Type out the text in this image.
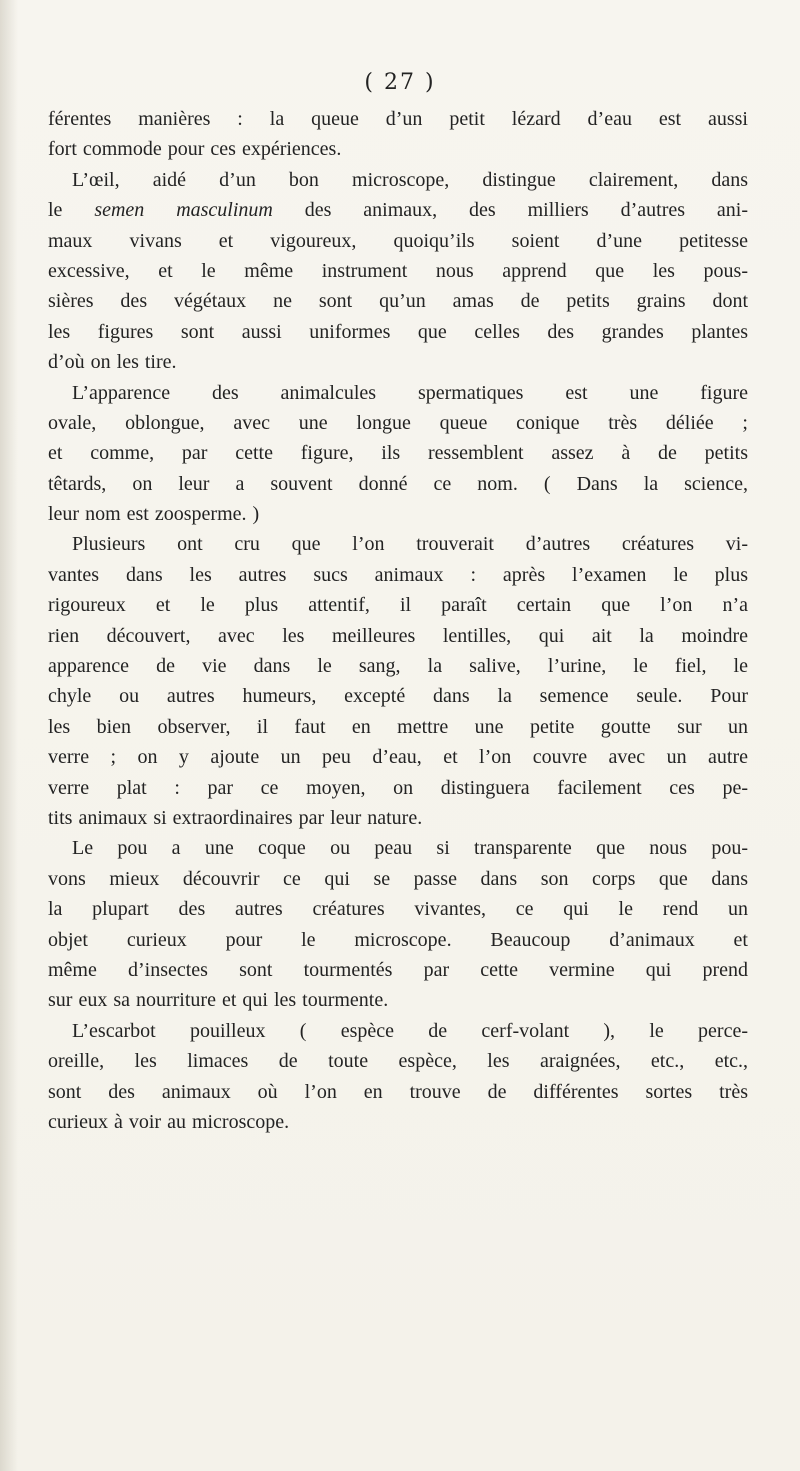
( 27 )
férentes manières : la queue d’un petit lézard d’eau est aussi
fort commode pour ces expériences.
L’œil, aidé d’un bon microscope, distingue clairement, dans
le semen masculinum des animaux, des milliers d’autres ani-
maux vivans et vigoureux, quoiqu’ils soient d’une petitesse
excessive, et le même instrument nous apprend que les pous-
sières des végétaux ne sont qu’un amas de petits grains dont
les figures sont aussi uniformes que celles des grandes plantes
d’où on les tire.
L’apparence des animalcules spermatiques est une figure
ovale, oblongue, avec une longue queue conique très déliée ;
et comme, par cette figure, ils ressemblent assez à de petits
têtards, on leur a souvent donné ce nom. ( Dans la science,
leur nom est zoosperme. )
Plusieurs ont cru que l’on trouverait d’autres créatures vi-
vantes dans les autres sucs animaux : après l’examen le plus
rigoureux et le plus attentif, il paraît certain que l’on n’a
rien découvert, avec les meilleures lentilles, qui ait la moindre
apparence de vie dans le sang, la salive, l’urine, le fiel, le
chyle ou autres humeurs, excepté dans la semence seule. Pour
les bien observer, il faut en mettre une petite goutte sur un
verre ; on y ajoute un peu d’eau, et l’on couvre avec un autre
verre plat : par ce moyen, on distinguera facilement ces pe-
tits animaux si extraordinaires par leur nature.
Le pou a une coque ou peau si transparente que nous pou-
vons mieux découvrir ce qui se passe dans son corps que dans
la plupart des autres créatures vivantes, ce qui le rend un
objet curieux pour le microscope. Beaucoup d’animaux et
même d’insectes sont tourmentés par cette vermine qui prend
sur eux sa nourriture et qui les tourmente.
L’escarbot pouilleux ( espèce de cerf-volant ), le perce-
oreille, les limaces de toute espèce, les araignées, etc., etc.,
sont des animaux où l’on en trouve de différentes sortes très
curieux à voir au microscope.
